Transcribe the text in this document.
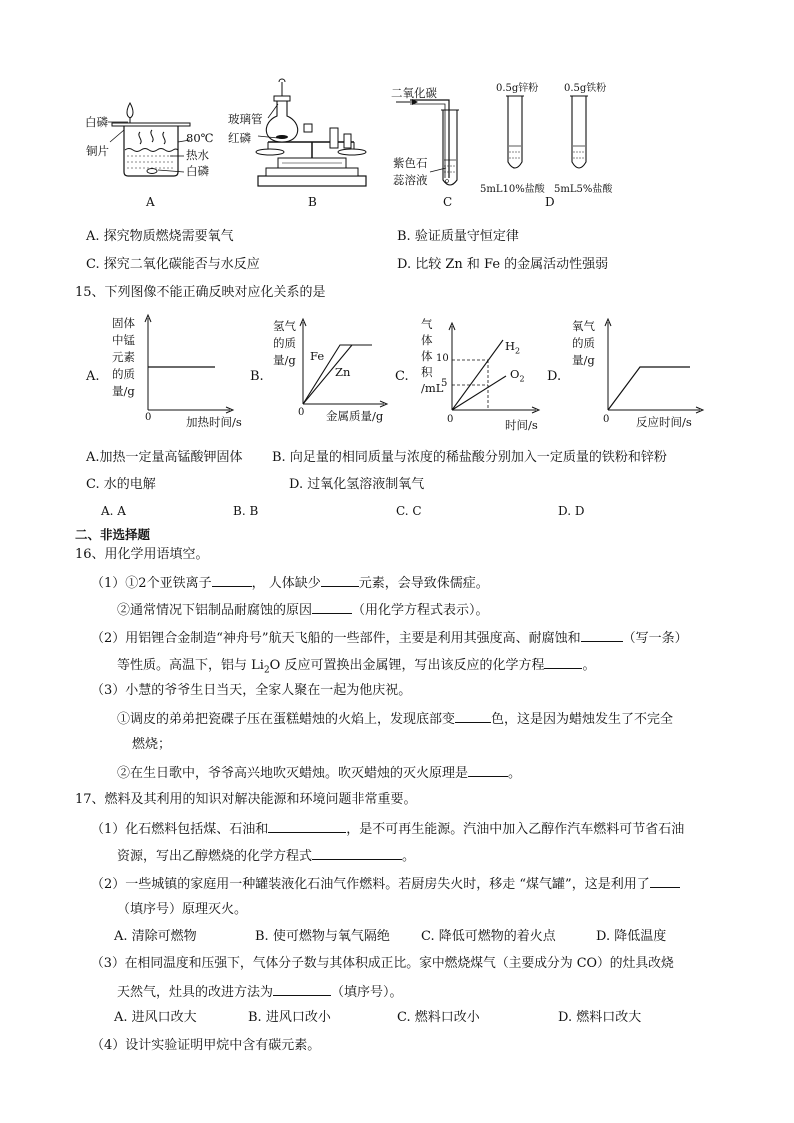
白磷
铜片
80℃
热水
白磷
A
玻璃管
红磷
B
二氧化碳
紫色石
蕊溶液
C
0.5g锌粉	0.5g铁粉
5mL10%盐酸 5mL5%盐酸
D
A. 探究物质燃烧需要氧气	B. 验证质量守恒定律
C. 探究二氧化碳能否与水反应	D. 比较 Zn 和 Fe 的金属活动性强弱
15、下列图像不能正确反映对应化关系的是
A.
固体
中锰
元素
的质
量/g
0	加热时间/s
B.
氢气
的质
量/g
0 金属质量/g
Fe
Zn	C.
气
体
体
积
/mL
10
5
0	时间/s
$H_2$
$O_2$ D.
氧气
的质
量/g
0 反应时间/s
A.加热一定量高锰酸钾固体 B. 向足量的相同质量与浓度的稀盐酸分别加入一定质量的铁粉和锌粉
C. 水的电解	D. 过氧化氢溶液制氧气
A. A	B. B	C. C	D. D
二、非选择题
16、用化学用语填空。
（1）①2个亚铁离子	， 人体缺少	元素，会导致侏儒症。
②通常情况下铝制品耐腐蚀的原因	（用化学方程式表示）。
（2）用铝锂合金制造“神舟号”航天飞船的一些部件，主要是利用其强度高、耐腐蚀和	（写一条）
等性质。高温下，铝与 $Li_2O$ 反应可置换出金属锂，写出该反应的化学方程	。
（3）小慧的爷爷生日当天，全家人聚在一起为他庆祝。
①调皮的弟弟把瓷碟子压在蛋糕蜡烛的火焰上，发现底部变	色，这是因为蜡烛发生了不完全
燃烧；
②在生日歌中，爷爷高兴地吹灭蜡烛。吹灭蜡烛的灭火原理是	。
17、燃料及其利用的知识对解决能源和环境问题非常重要。
（1）化石燃料包括煤、石油和	，是不可再生能源。汽油中加入乙醇作汽车燃料可节省石油
资源，写出乙醇燃烧的化学方程式	。
（2）一些城镇的家庭用一种罐装液化石油气作燃料。若厨房失火时，移走 “煤气罐”，这是利用了
（填序号）原理灭火。
A. 清除可燃物	B. 使可燃物与氧气隔绝 C. 降低可燃物的着火点	D. 降低温度
（3）在相同温度和压强下，气体分子数与其体积成正比。家中燃烧煤气（主要成分为 CO）的灶具改烧
天然气，灶具的改进方法为	（填序号）。
A. 进风口改大	B. 进风口改小	C. 燃料口改小	D. 燃料口改大
（4）设计实验证明甲烷中含有碳元素。
